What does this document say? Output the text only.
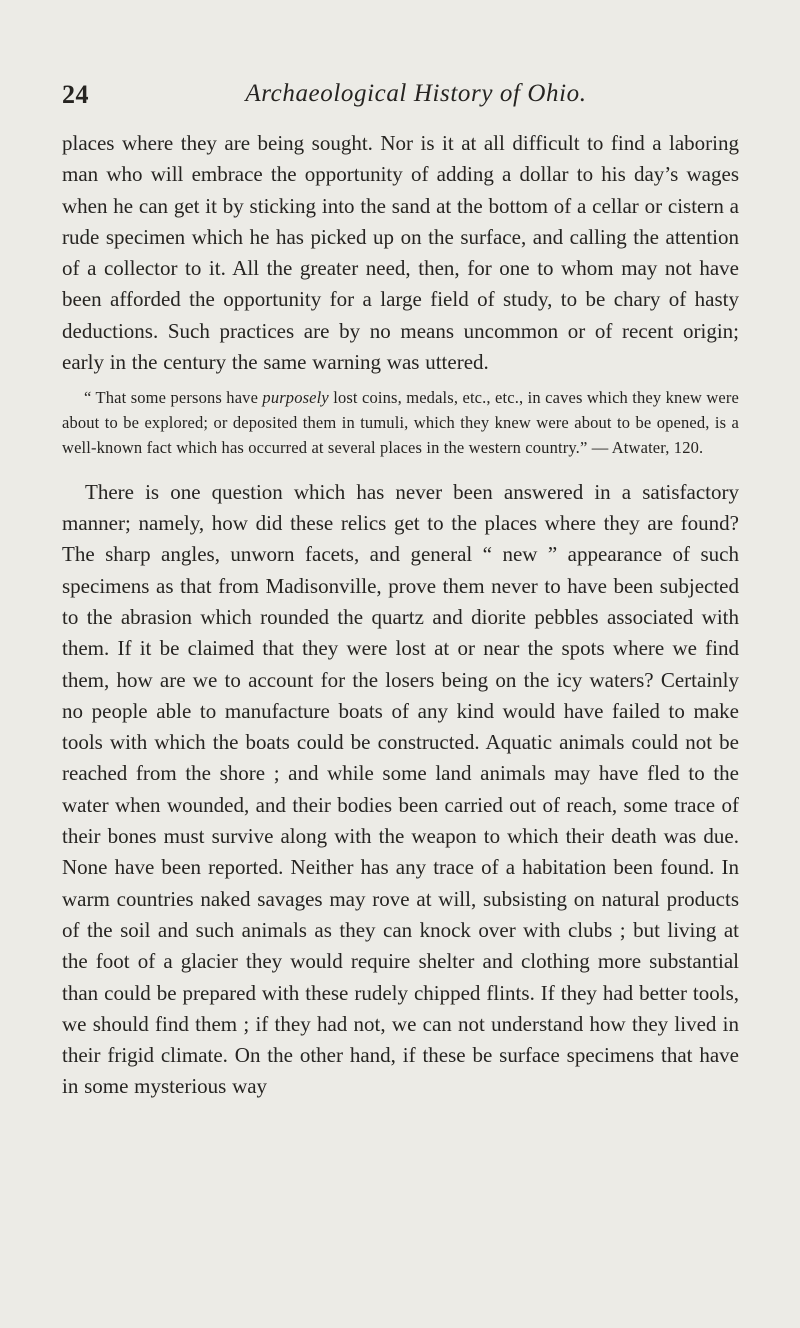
24	Archaeological History of Ohio.

places where they are being sought. Nor is it at all difficult to find a laboring man who will embrace the opportunity of adding a dollar to his day’s wages when he can get it by sticking into the sand at the bottom of a cellar or cistern a rude specimen which he has picked up on the surface, and calling the attention of a collector to it. All the greater need, then, for one to whom may not have been afforded the opportunity for a large field of study, to be chary of hasty deductions. Such practices are by no means uncommon or of recent origin; early in the century the same warning was uttered.

“ That some persons have purposely lost coins, medals, etc., etc., in caves which they knew were about to be explored; or deposited them in tumuli, which they knew were about to be opened, is a well-known fact which has occurred at several places in the western country.” — Atwater, 120.

There is one question which has never been answered in a satisfactory manner; namely, how did these relics get to the places where they are found? The sharp angles, unworn facets, and general “ new ” appearance of such specimens as that from Madisonville, prove them never to have been subjected to the abrasion which rounded the quartz and diorite pebbles associated with them. If it be claimed that they were lost at or near the spots where we find them, how are we to account for the losers being on the icy waters? Certainly no people able to manufacture boats of any kind would have failed to make tools with which the boats could be constructed. Aquatic animals could not be reached from the shore ; and while some land animals may have fled to the water when wounded, and their bodies been carried out of reach, some trace of their bones must survive along with the weapon to which their death was due. None have been reported. Neither has any trace of a habitation been found. In warm countries naked savages may rove at will, subsisting on natural products of the soil and such animals as they can knock over with clubs ; but living at the foot of a glacier they would require shelter and clothing more substantial than could be prepared with these rudely chipped flints. If they had better tools, we should find them ; if they had not, we can not understand how they lived in their frigid climate. On the other hand, if these be surface specimens that have in some mysterious way
